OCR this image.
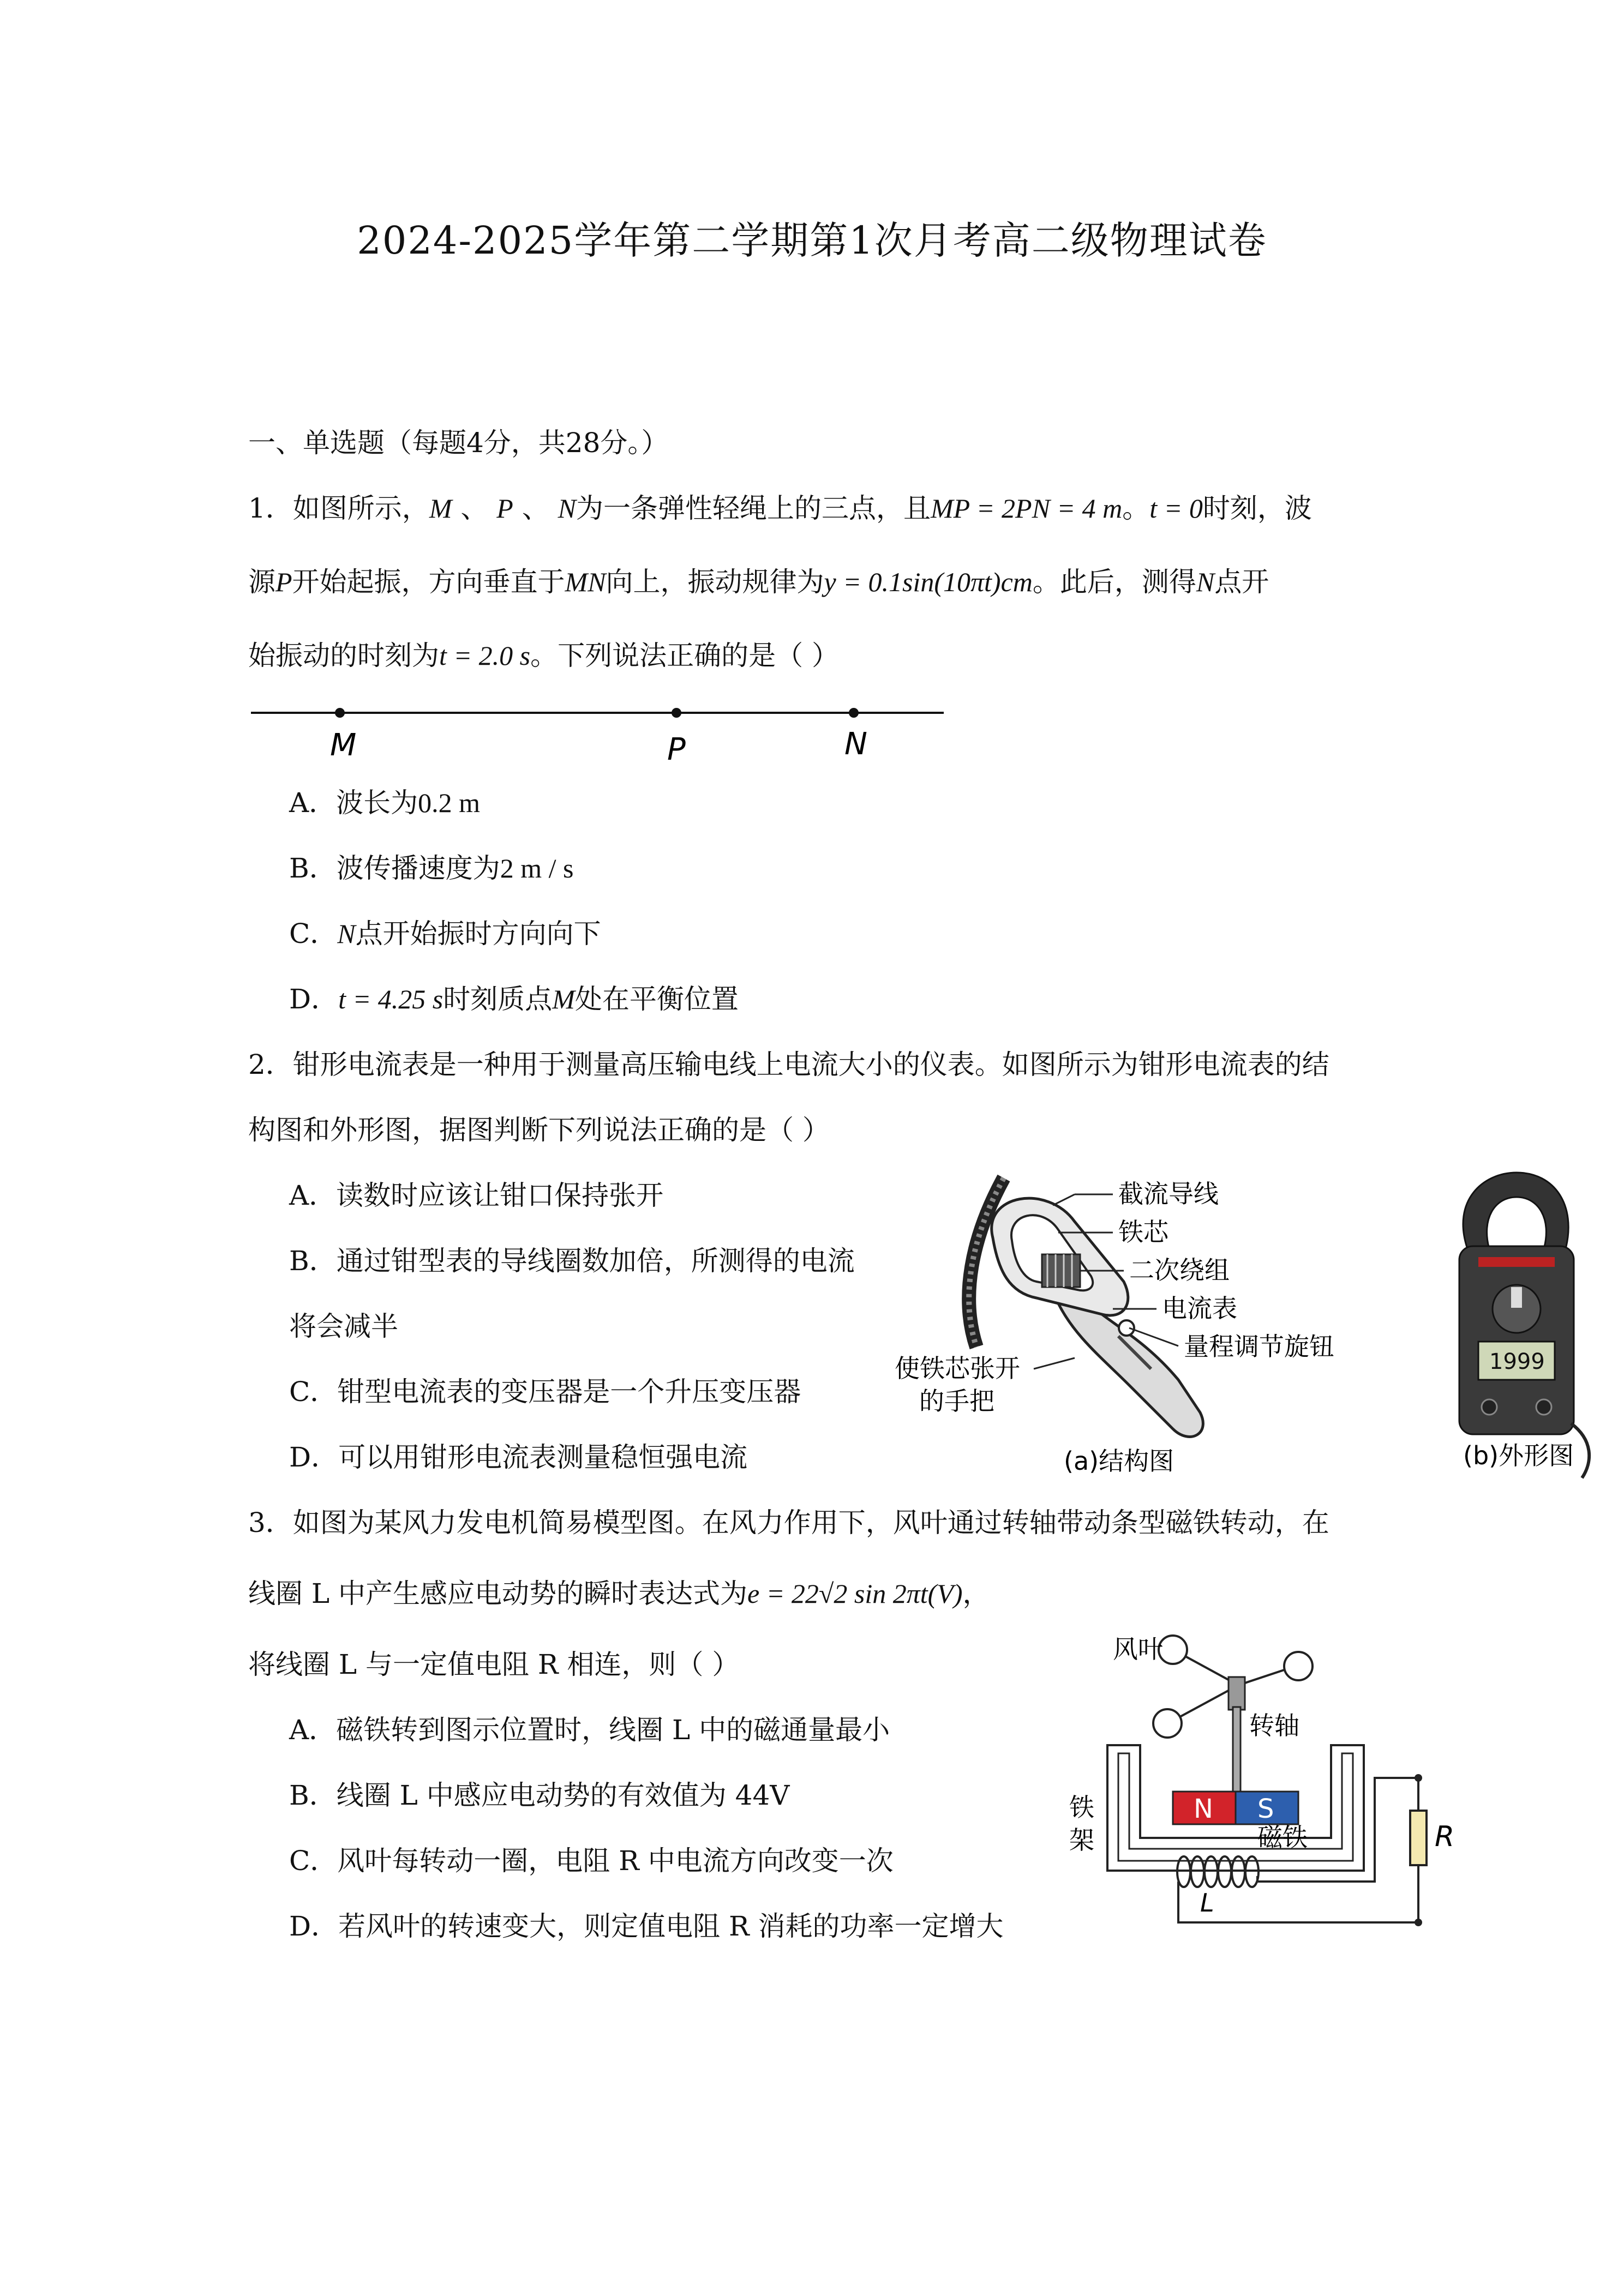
2024-2025学年第二学期第1次月考高二级物理试卷
一、单选题（每题4分，共28分。）
1．如图所示，M 、 P 、 N为一条弹性轻绳上的三点，且MP = 2PN = 4 m。t = 0时刻，波
源P开始起振，方向垂直于MN向上，振动规律为y = 0.1sin(10πt)cm。此后，测得N点开
始振动的时刻为t = 2.0 s。下列说法正确的是（ ）
M	P	N
A．波长为0.2 m
B．波传播速度为2 m / s
C．N点开始振时方向向下
D．t = 4.25 s时刻质点M处在平衡位置
2．钳形电流表是一种用于测量高压输电线上电流大小的仪表。如图所示为钳形电流表的结
构图和外形图，据图判断下列说法正确的是（ ）
A．读数时应该让钳口保持张开
B．通过钳型表的导线圈数加倍，所测得的电流
将会减半
C．钳型电流表的变压器是一个升压变压器
D．可以用钳形电流表测量稳恒强电流
截流导线
铁芯
二次绕组
电流表
量程调节旋钮
使铁芯张开
的手把
(a)结构图
1999
(b)外形图
3．如图为某风力发电机简易模型图。在风力作用下，风叶通过转轴带动条型磁铁转动，在
线圈 L 中产生感应电动势的瞬时表达式为e = 22√2 sin 2πt(V)，
将线圈 L 与一定值电阻 R 相连，则（ ）
A．磁铁转到图示位置时，线圈 L 中的磁通量最小
B．线圈 L 中感应电动势的有效值为 44V
C．风叶每转动一圈，电阻 R 中电流方向改变一次
D．若风叶的转速变大，则定值电阻 R 消耗的功率一定增大
风叶
转轴
铁
架
N S
磁铁
L
R
